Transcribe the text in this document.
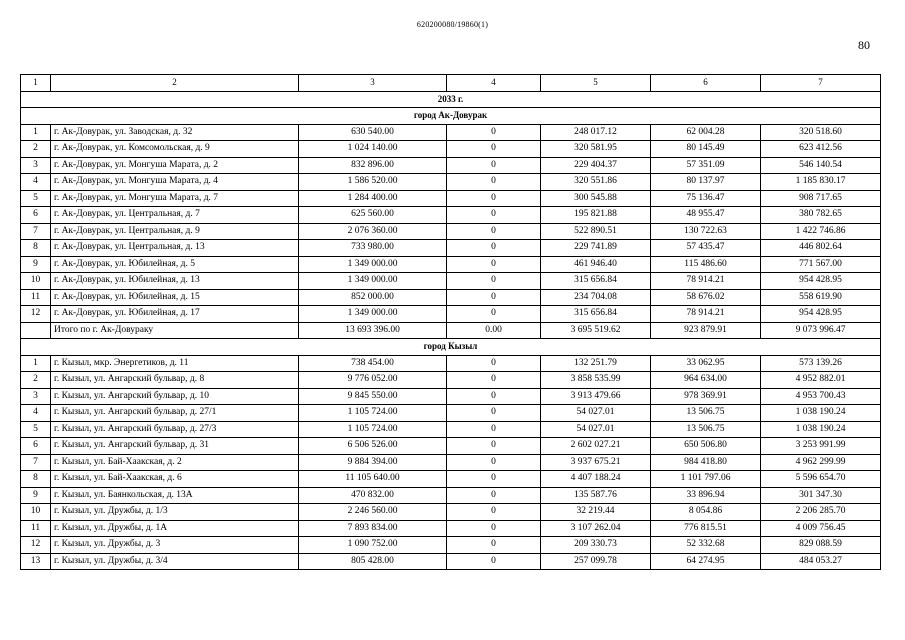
620200080/19860(1)
80
1	2	3	4	5	6	7
2033 г.						
город Ак-Довурак						
1	г. Ак-Довурак, ул. Заводская, д. 32	630 540.00	0	248 017.12	62 004.28	320 518.60
2	г. Ак-Довурак, ул. Комсомольская, д. 9	1 024 140.00	0	320 581.95	80 145.49	623 412.56
3	г. Ак-Довурак, ул. Монгуша Марата, д. 2	832 896.00	0	229 404.37	57 351.09	546 140.54
4	г. Ак-Довурак, ул. Монгуша Марата, д. 4	1 586 520.00	0	320 551.86	80 137.97	1 185 830.17
5	г. Ак-Довурак, ул. Монгуша Марата, д. 7	1 284 400.00	0	300 545.88	75 136.47	908 717.65
6	г. Ак-Довурак, ул. Центральная, д. 7	625 560.00	0	195 821.88	48 955.47	380 782.65
7	г. Ак-Довурак, ул. Центральная, д. 9	2 076 360.00	0	522 890.51	130 722.63	1 422 746.86
8	г. Ак-Довурак, ул. Центральная, д. 13	733 980.00	0	229 741.89	57 435.47	446 802.64
9	г. Ак-Довурак, ул. Юбилейная, д. 5	1 349 000.00	0	461 946.40	115 486.60	771 567.00
10	г. Ак-Довурак, ул. Юбилейная, д. 13	1 349 000.00	0	315 656.84	78 914.21	954 428.95
11	г. Ак-Довурак, ул. Юбилейная, д. 15	852 000.00	0	234 704.08	58 676.02	558 619.90
12	г. Ак-Довурак, ул. Юбилейная, д. 17	1 349 000.00	0	315 656.84	78 914.21	954 428.95
	Итого по г. Ак-Довураку	13 693 396.00	0.00	3 695 519.62	923 879.91	9 073 996.47
город Кызыл						
1	г. Кызыл, мкр. Энергетиков, д. 11	738 454.00	0	132 251.79	33 062.95	573 139.26
2	г. Кызыл, ул. Ангарский бульвар, д. 8	9 776 052.00	0	3 858 535.99	964 634.00	4 952 882.01
3	г. Кызыл, ул. Ангарский бульвар, д. 10	9 845 550.00	0	3 913 479.66	978 369.91	4 953 700.43
4	г. Кызыл, ул. Ангарский бульвар, д. 27/1	1 105 724.00	0	54 027.01	13 506.75	1 038 190.24
5	г. Кызыл, ул. Ангарский бульвар, д. 27/3	1 105 724.00	0	54 027.01	13 506.75	1 038 190.24
6	г. Кызыл, ул. Ангарский бульвар, д. 31	6 506 526.00	0	2 602 027.21	650 506.80	3 253 991.99
7	г. Кызыл, ул. Бай-Хаакская, д. 2	9 884 394.00	0	3 937 675.21	984 418.80	4 962 299.99
8	г. Кызыл, ул. Бай-Хаакская, д. 6	11 105 640.00	0	4 407 188.24	1 101 797.06	5 596 654.70
9	г. Кызыл, ул. Баянкольская, д. 13А	470 832.00	0	135 587.76	33 896.94	301 347.30
10	г. Кызыл, ул. Дружбы, д. 1/3	2 246 560.00	0	32 219.44	8 054.86	2 206 285.70
11	г. Кызыл, ул. Дружбы, д. 1А	7 893 834.00	0	3 107 262.04	776 815.51	4 009 756.45
12	г. Кызыл, ул. Дружбы, д. 3	1 090 752.00	0	209 330.73	52 332.68	829 088.59
13	г. Кызыл, ул. Дружбы, д. 3/4	805 428.00	0	257 099.78	64 274.95	484 053.27
